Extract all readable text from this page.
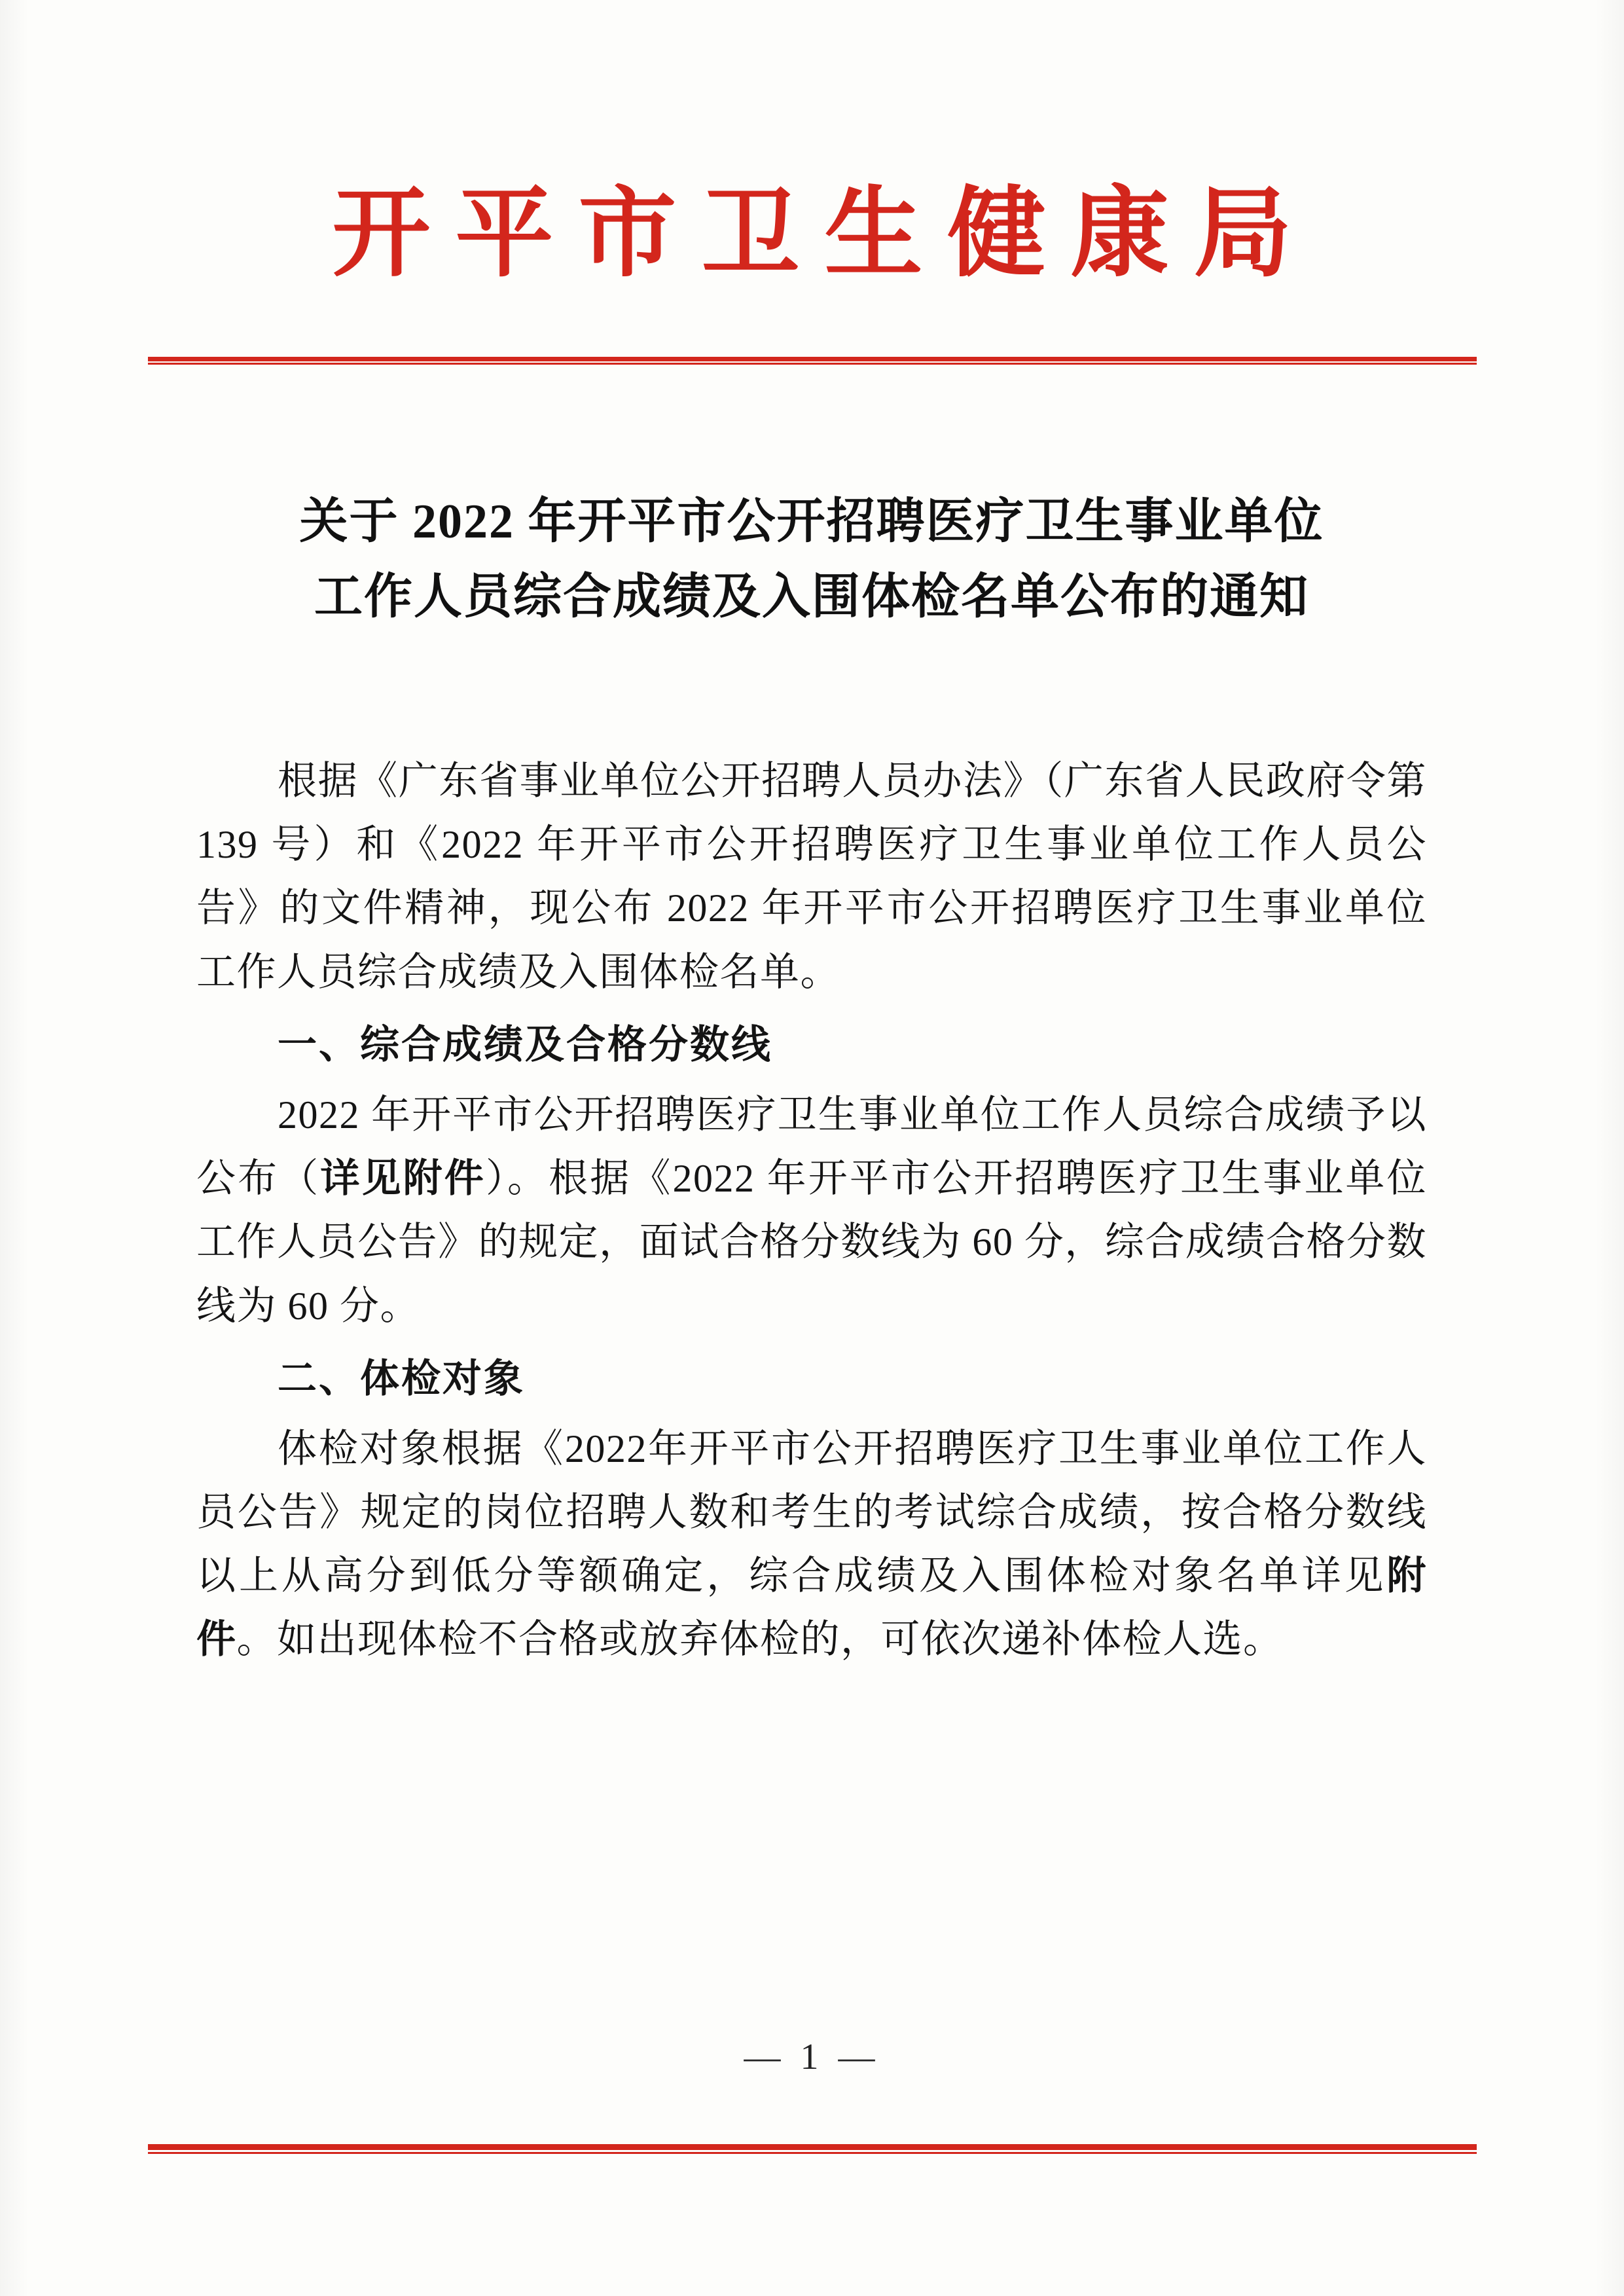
开平市卫生健康局
关于 2022 年开平市公开招聘医疗卫生事业单位
工作人员综合成绩及入围体检名单公布的通知

根据《广东省事业单位公开招聘人员办法》（广东省人民政府令第 139 号）和《2022 年开平市公开招聘医疗卫生事业单位工作人员公告》的文件精神，现公布 2022 年开平市公开招聘医疗卫生事业单位工作人员综合成绩及入围体检名单。

一、综合成绩及合格分数线

2022 年开平市公开招聘医疗卫生事业单位工作人员综合成绩予以公布（详见附件）。根据《2022 年开平市公开招聘医疗卫生事业单位工作人员公告》的规定，面试合格分数线为 60 分，综合成绩合格分数线为 60 分。

二、体检对象

体检对象根据《2022年开平市公开招聘医疗卫生事业单位工作人员公告》规定的岗位招聘人数和考生的考试综合成绩，按合格分数线以上从高分到低分等额确定，综合成绩及入围体检对象名单详见附件。如出现体检不合格或放弃体检的，可依次递补体检人选。

— 1 —
